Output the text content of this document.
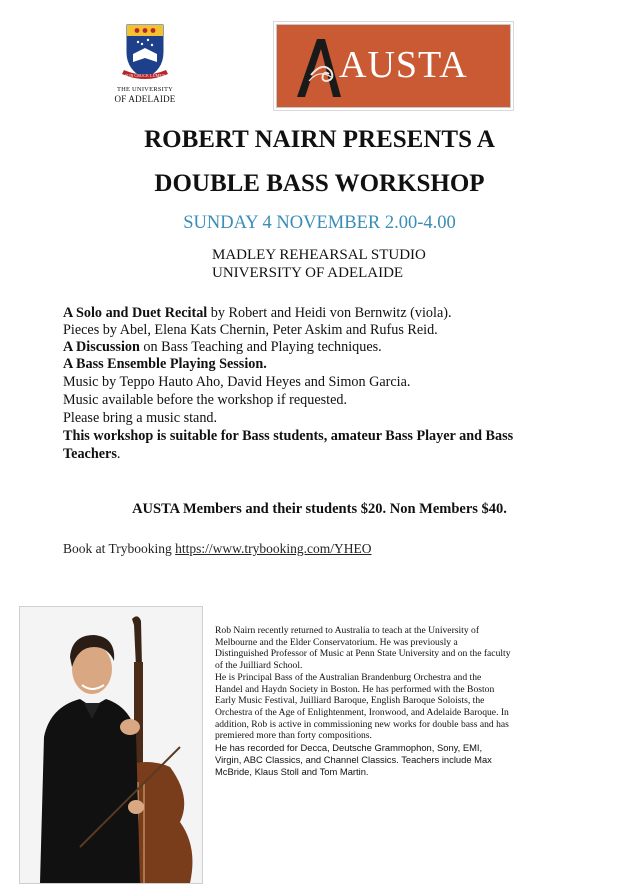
SUB CRUCE LUMEN
THE UNIVERSITY
OF ADELAIDE
AUSTA
ROBERT NAIRN PRESENTS A
DOUBLE BASS WORKSHOP
SUNDAY 4 NOVEMBER 2.00-4.00
MADLEY REHEARSAL STUDIO
UNIVERSITY OF ADELAIDE
A Solo and Duet Recital by Robert and Heidi von Bernwitz (viola).
Pieces by Abel, Elena Kats Chernin, Peter Askim and Rufus Reid.
A Discussion on Bass Teaching and Playing techniques.
A Bass Ensemble Playing Session.
Music by Teppo Hauto Aho, David Heyes and Simon Garcia.
Music available before the workshop if requested.
Please bring a music stand.
This workshop is suitable for Bass students, amateur Bass Player and Bass
Teachers.
AUSTA Members and their students $20. Non Members $40.
Book at Trybooking https://www.trybooking.com/YHEO
Rob Nairn recently returned to Australia to teach at the University of
Melbourne and the Elder Conservatorium. He was previously a
Distinguished Professor of Music at Penn State University and on the faculty
of the Juilliard School.
He is Principal Bass of the Australian Brandenburg Orchestra and the
Handel and Haydn Society in Boston. He has performed with the Boston
Early Music Festival, Juilliard Baroque, English Baroque Soloists, the
Orchestra of the Age of Enlightenment, Ironwood, and Adelaide Baroque. In
addition, Rob is active in commissioning new works for double bass and has
premiered more than forty compositions.
He has recorded for Decca, Deutsche Grammophon, Sony, EMI,
Virgin, ABC Classics, and Channel Classics. Teachers include Max
McBride, Klaus Stoll and Tom Martin.
